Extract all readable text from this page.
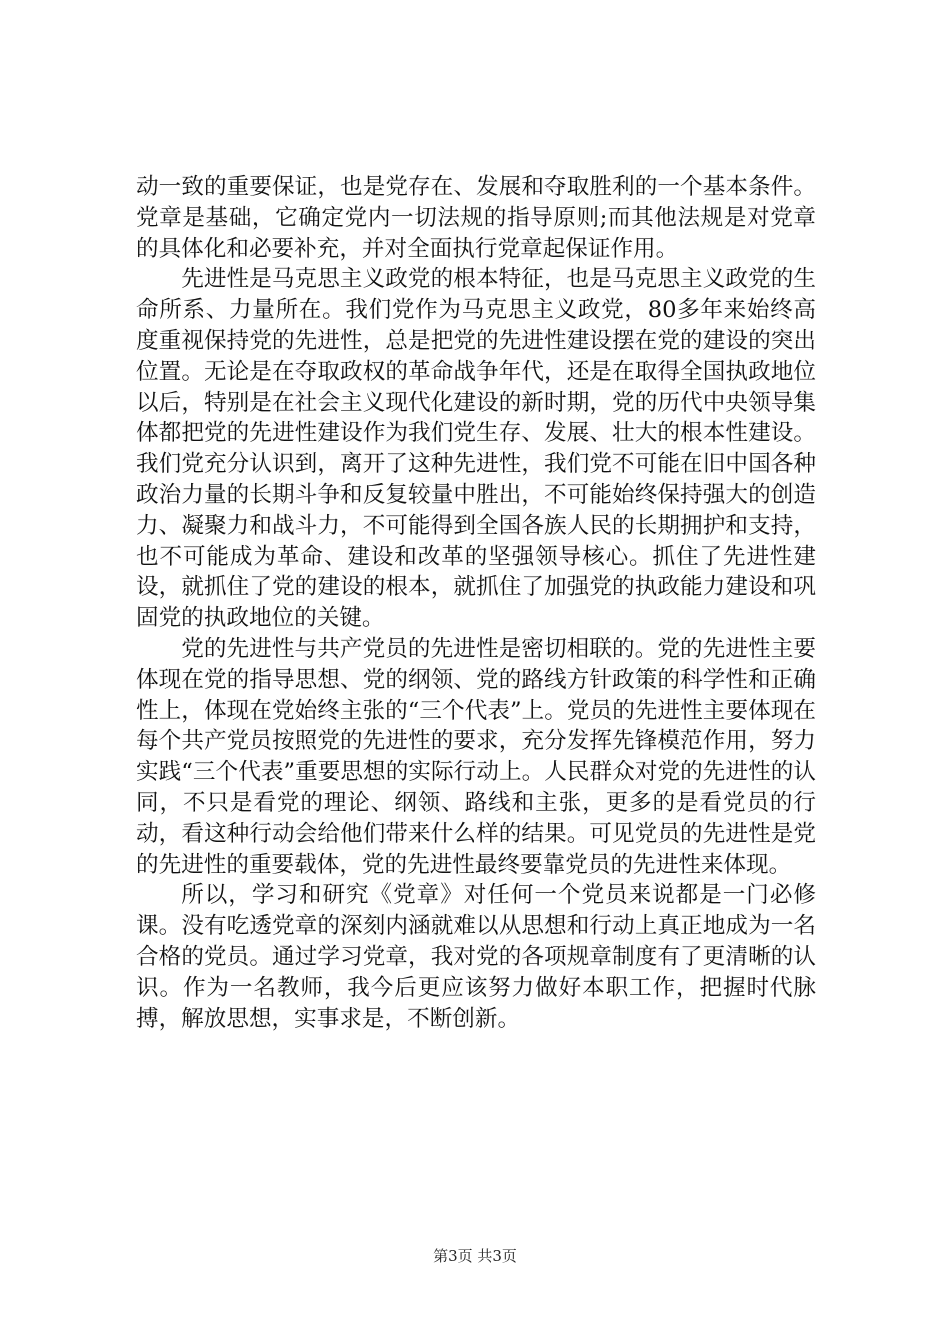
动一致的重要保证，也是党存在、发展和夺取胜利的一个基本条件。党章是基础，它确定党内一切法规的指导原则;而其他法规是对党章的具体化和必要补充，并对全面执行党章起保证作用。

先进性是马克思主义政党的根本特征，也是马克思主义政党的生命所系、力量所在。我们党作为马克思主义政党，80多年来始终高度重视保持党的先进性，总是把党的先进性建设摆在党的建设的突出位置。无论是在夺取政权的革命战争年代，还是在取得全国执政地位以后，特别是在社会主义现代化建设的新时期，党的历代中央领导集体都把党的先进性建设作为我们党生存、发展、壮大的根本性建设。我们党充分认识到，离开了这种先进性，我们党不可能在旧中国各种政治力量的长期斗争和反复较量中胜出，不可能始终保持强大的创造力、凝聚力和战斗力，不可能得到全国各族人民的长期拥护和支持，也不可能成为革命、建设和改革的坚强领导核心。抓住了先进性建设，就抓住了党的建设的根本，就抓住了加强党的执政能力建设和巩固党的执政地位的关键。

党的先进性与共产党员的先进性是密切相联的。党的先进性主要体现在党的指导思想、党的纲领、党的路线方针政策的科学性和正确性上，体现在党始终主张的“三个代表”上。党员的先进性主要体现在每个共产党员按照党的先进性的要求，充分发挥先锋模范作用，努力实践“三个代表”重要思想的实际行动上。人民群众对党的先进性的认同，不只是看党的理论、纲领、路线和主张，更多的是看党员的行动，看这种行动会给他们带来什么样的结果。可见党员的先进性是党的先进性的重要载体，党的先进性最终要靠党员的先进性来体现。

所以，学习和研究《党章》对任何一个党员来说都是一门必修课。没有吃透党章的深刻内涵就难以从思想和行动上真正地成为一名合格的党员。通过学习党章，我对党的各项规章制度有了更清晰的认识。作为一名教师，我今后更应该努力做好本职工作，把握时代脉搏，解放思想，实事求是，不断创新。

第3页 共3页
